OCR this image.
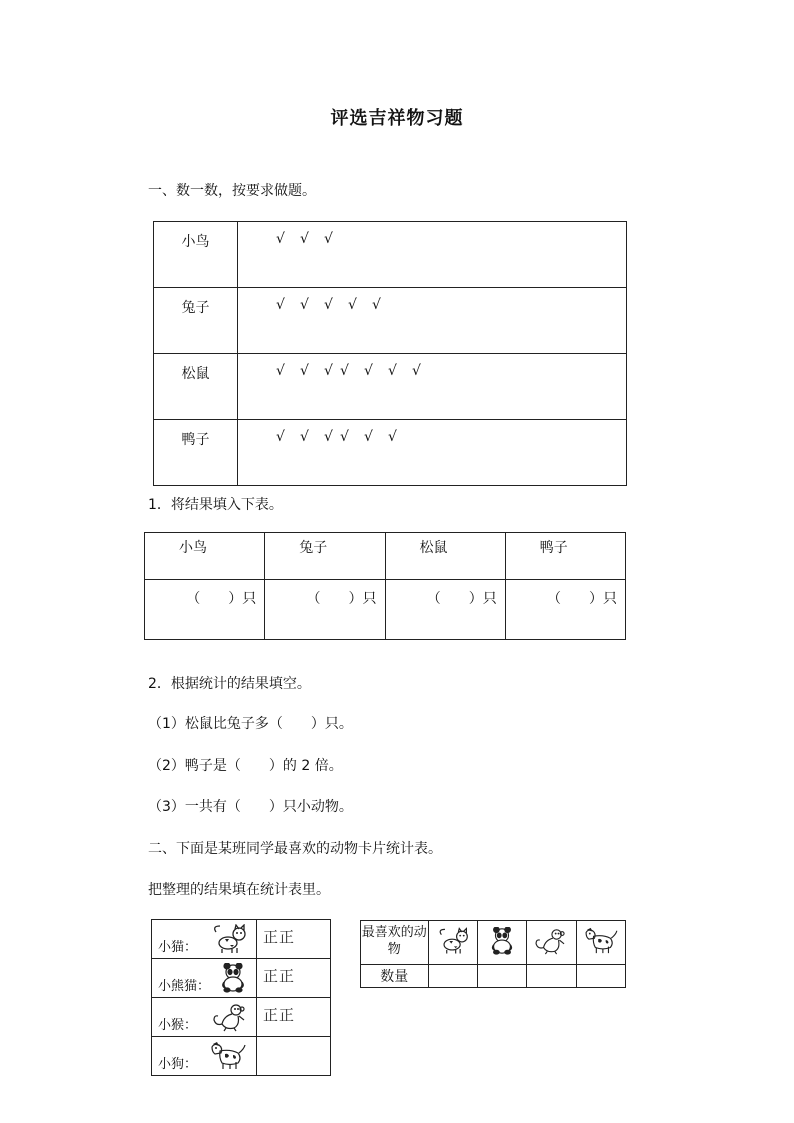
评选吉祥物习题
一、数一数，按要求做题。
小鸟	√ √ √
兔子	√ √ √ √ √
松鼠	√ √ √ √ √ √ √
鸭子	√ √ √ √ √ √
1．将结果填入下表。
小鸟	兔子	松鼠	鸭子
（　　）只	（　　）只	（　　）只	（　　）只
2．根据统计的结果填空。
（1）松鼠比兔子多（　　）只。
（2）鸭子是（　　）的 2 倍。
（3）一共有（　　）只小动物。
二、下面是某班同学最喜欢的动物卡片统计表。
把整理的结果填在统计表里。
小猫：	正正

小熊猫：	正正

小猴：	正正

小狗：	

最喜欢的动物				
数量				
